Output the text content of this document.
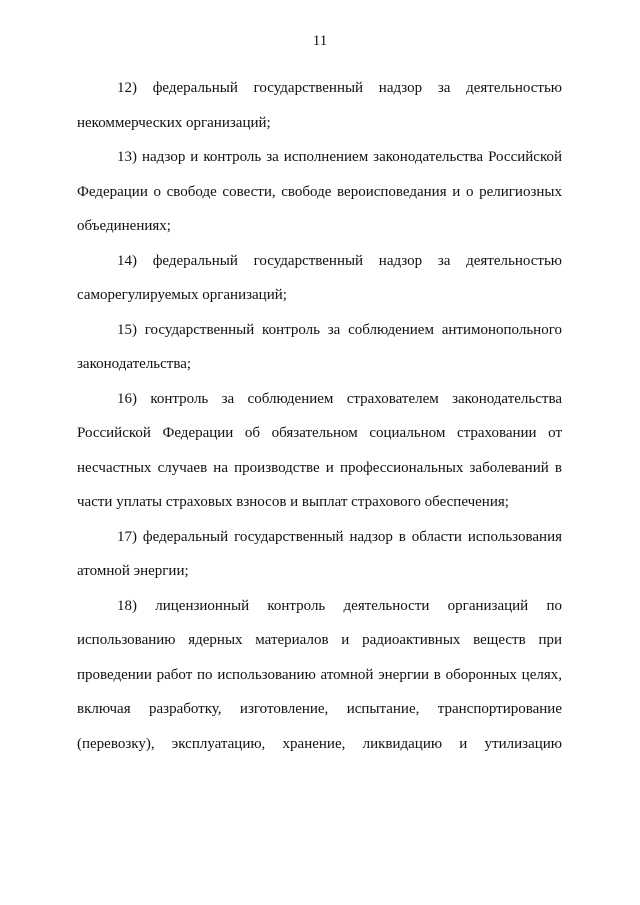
11

12) федеральный государственный надзор за деятельностью некоммерческих организаций;

13) надзор и контроль за исполнением законодательства Российской Федерации о свободе совести, свободе вероисповедания и о религиозных объединениях;

14) федеральный государственный надзор за деятельностью саморегулируемых организаций;

15) государственный контроль за соблюдением антимонопольного законодательства;

16) контроль за соблюдением страхователем законодательства Российской Федерации об обязательном социальном страховании от несчастных случаев на производстве и профессиональных заболеваний в части уплаты страховых взносов и выплат страхового обеспечения;

17) федеральный государственный надзор в области использования атомной энергии;

18) лицензионный контроль деятельности организаций по использованию ядерных материалов и радиоактивных веществ при проведении работ по использованию атомной энергии в оборонных целях, включая разработку, изготовление, испытание, транспортирование (перевозку), эксплуатацию, хранение, ликвидацию и утилизацию
